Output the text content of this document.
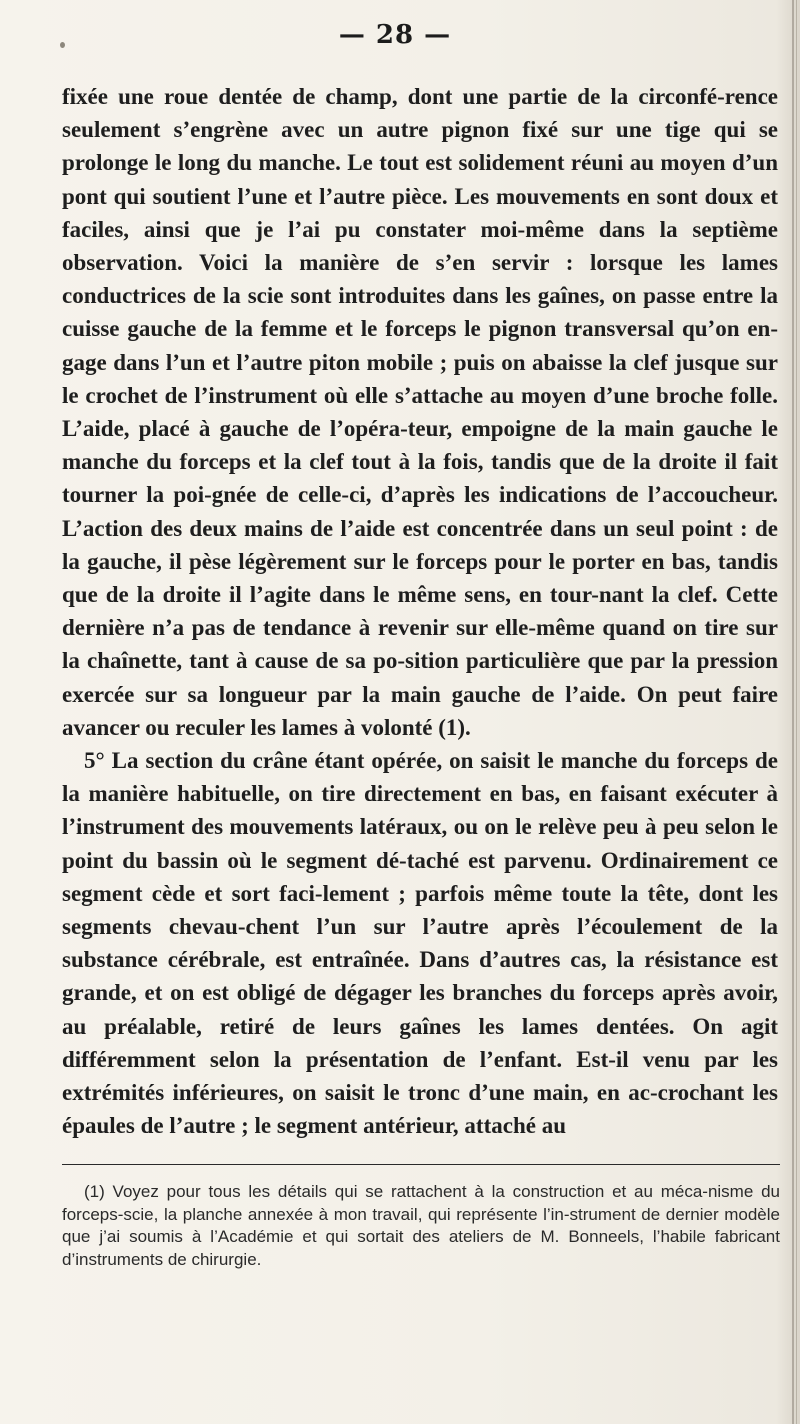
— 28 —

fixée une roue dentée de champ, dont une partie de la circonfé-rence seulement s’engrène avec un autre pignon fixé sur une tige qui se prolonge le long du manche. Le tout est solidement réuni au moyen d’un pont qui soutient l’une et l’autre pièce. Les mouvements en sont doux et faciles, ainsi que je l’ai pu constater moi-même dans la septième observation. Voici la manière de s’en servir : lorsque les lames conductrices de la scie sont introduites dans les gaînes, on passe entre la cuisse gauche de la femme et le forceps le pignon transversal qu’on en-gage dans l’un et l’autre piton mobile ; puis on abaisse la clef jusque sur le crochet de l’instrument où elle s’attache au moyen d’une broche folle. L’aide, placé à gauche de l’opéra-teur, empoigne de la main gauche le manche du forceps et la clef tout à la fois, tandis que de la droite il fait tourner la poi-gnée de celle-ci, d’après les indications de l’accoucheur. L’action des deux mains de l’aide est concentrée dans un seul point : de la gauche, il pèse légèrement sur le forceps pour le porter en bas, tandis que de la droite il l’agite dans le même sens, en tour-nant la clef. Cette dernière n’a pas de tendance à revenir sur elle-même quand on tire sur la chaînette, tant à cause de sa po-sition particulière que par la pression exercée sur sa longueur par la main gauche de l’aide. On peut faire avancer ou reculer les lames à volonté (1).

5° La section du crâne étant opérée, on saisit le manche du forceps de la manière habituelle, on tire directement en bas, en faisant exécuter à l’instrument des mouvements latéraux, ou on le relève peu à peu selon le point du bassin où le segment dé-taché est parvenu. Ordinairement ce segment cède et sort faci-lement ; parfois même toute la tête, dont les segments chevau-chent l’un sur l’autre après l’écoulement de la substance cérébrale, est entraînée. Dans d’autres cas, la résistance est grande, et on est obligé de dégager les branches du forceps après avoir, au préalable, retiré de leurs gaînes les lames dentées. On agit différemment selon la présentation de l’enfant. Est-il venu par les extrémités inférieures, on saisit le tronc d’une main, en ac-crochant les épaules de l’autre ; le segment antérieur, attaché au

(1) Voyez pour tous les détails qui se rattachent à la construction et au méca-nisme du forceps-scie, la planche annexée à mon travail, qui représente l’in-strument de dernier modèle que j’ai soumis à l’Académie et qui sortait des ateliers de M. Bonneels, l’habile fabricant d’instruments de chirurgie.
